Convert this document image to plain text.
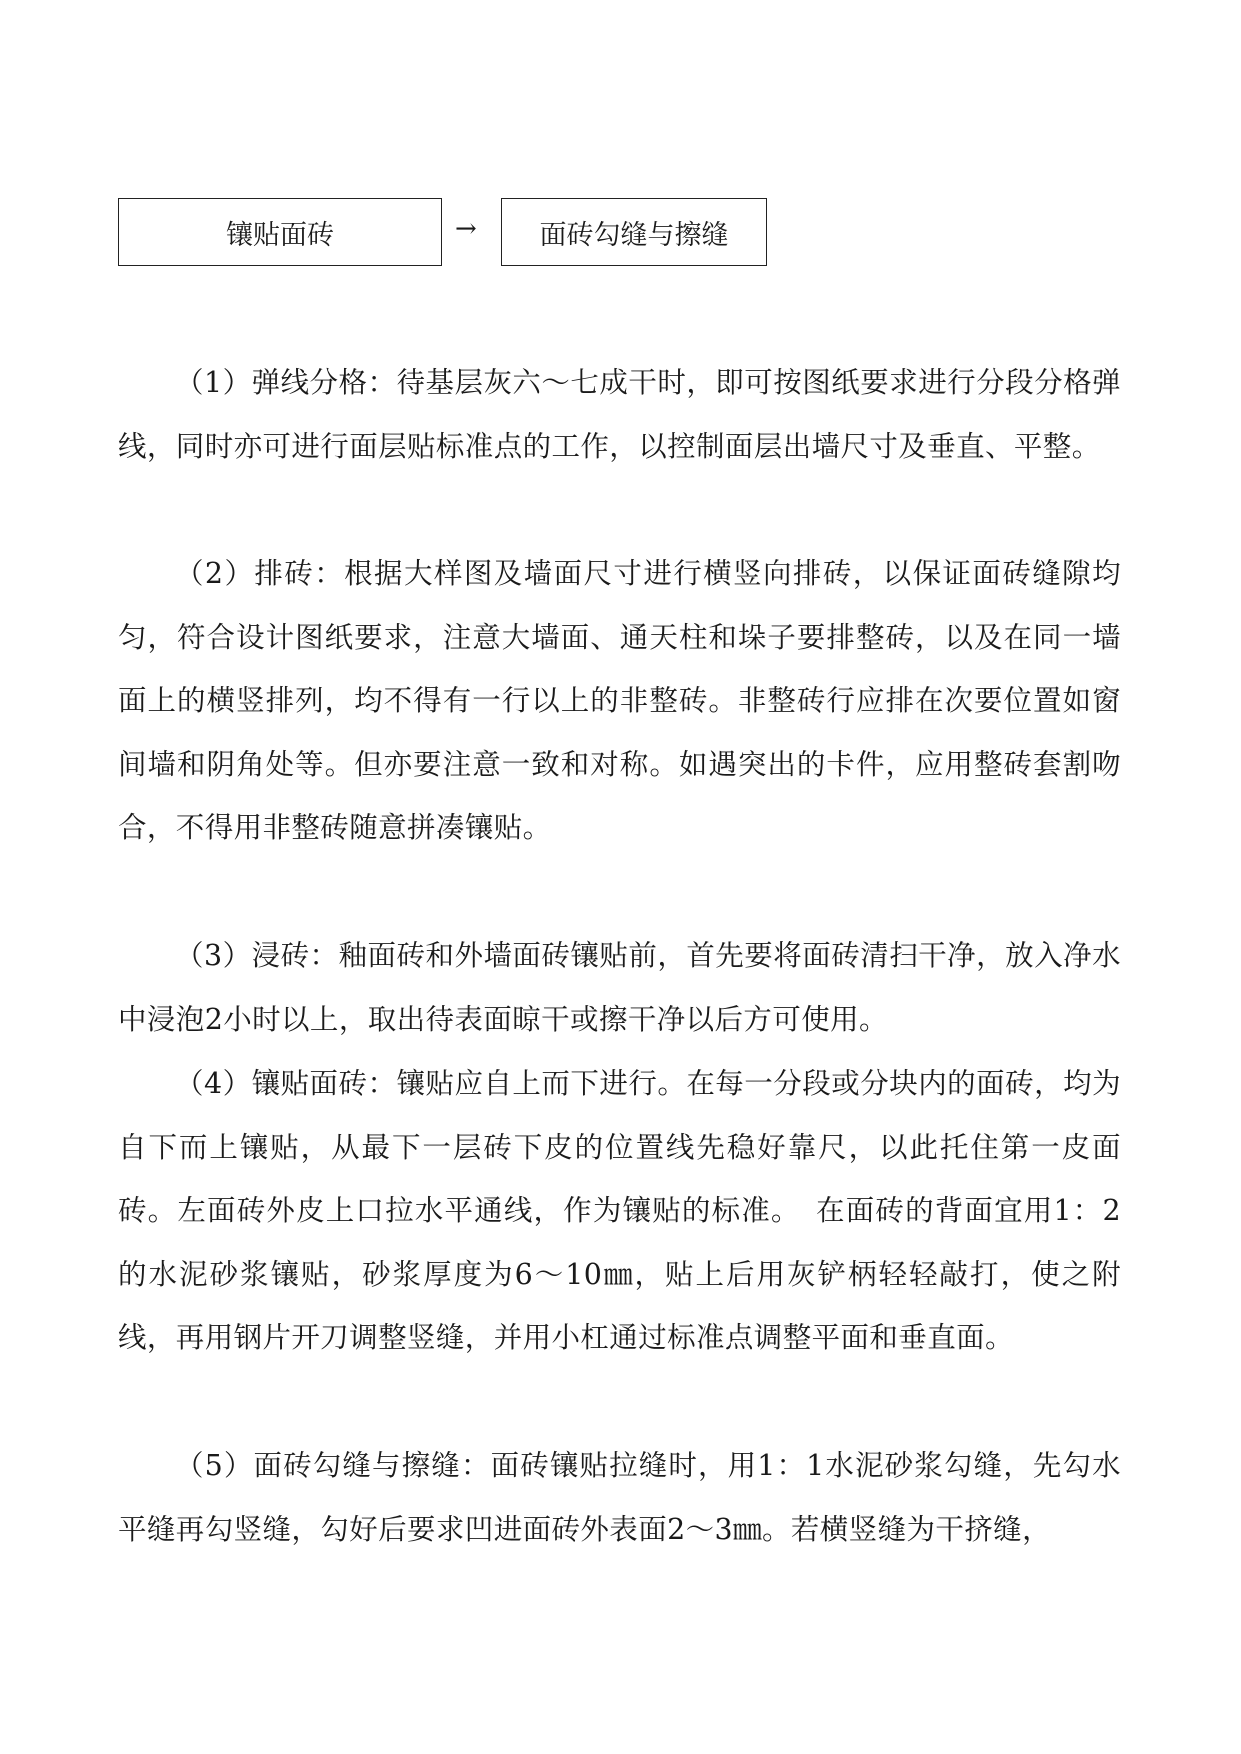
镶贴面砖	→ 面砖勾缝与擦缝

（1）弹线分格：待基层灰六～七成干时，即可按图纸要求进行分段分格弹线，同时亦可进行面层贴标准点的工作，以控制面层出墙尺寸及垂直、平整。

（2）排砖：根据大样图及墙面尺寸进行横竖向排砖，以保证面砖缝隙均匀，符合设计图纸要求，注意大墙面、通天柱和垛子要排整砖，以及在同一墙面上的横竖排列，均不得有一行以上的非整砖。非整砖行应排在次要位置如窗间墙和阴角处等。但亦要注意一致和对称。如遇突出的卡件，应用整砖套割吻合，不得用非整砖随意拼凑镶贴。

（3）浸砖：釉面砖和外墙面砖镶贴前，首先要将面砖清扫干净，放入净水中浸泡2小时以上，取出待表面晾干或擦干净以后方可使用。

（4）镶贴面砖：镶贴应自上而下进行。在每一分段或分块内的面砖，均为自下而上镶贴，从最下一层砖下皮的位置线先稳好靠尺，以此托住第一皮面砖。左面砖外皮上口拉水平通线，作为镶贴的标准。　在面砖的背面宜用1：2的水泥砂浆镶贴，砂浆厚度为6～10㎜，贴上后用灰铲柄轻轻敲打，使之附线，再用钢片开刀调整竖缝，并用小杠通过标准点调整平面和垂直面。

（5）面砖勾缝与擦缝：面砖镶贴拉缝时，用1：1水泥砂浆勾缝，先勾水平缝再勾竖缝，勾好后要求凹进面砖外表面2～3㎜。若横竖缝为干挤缝，
